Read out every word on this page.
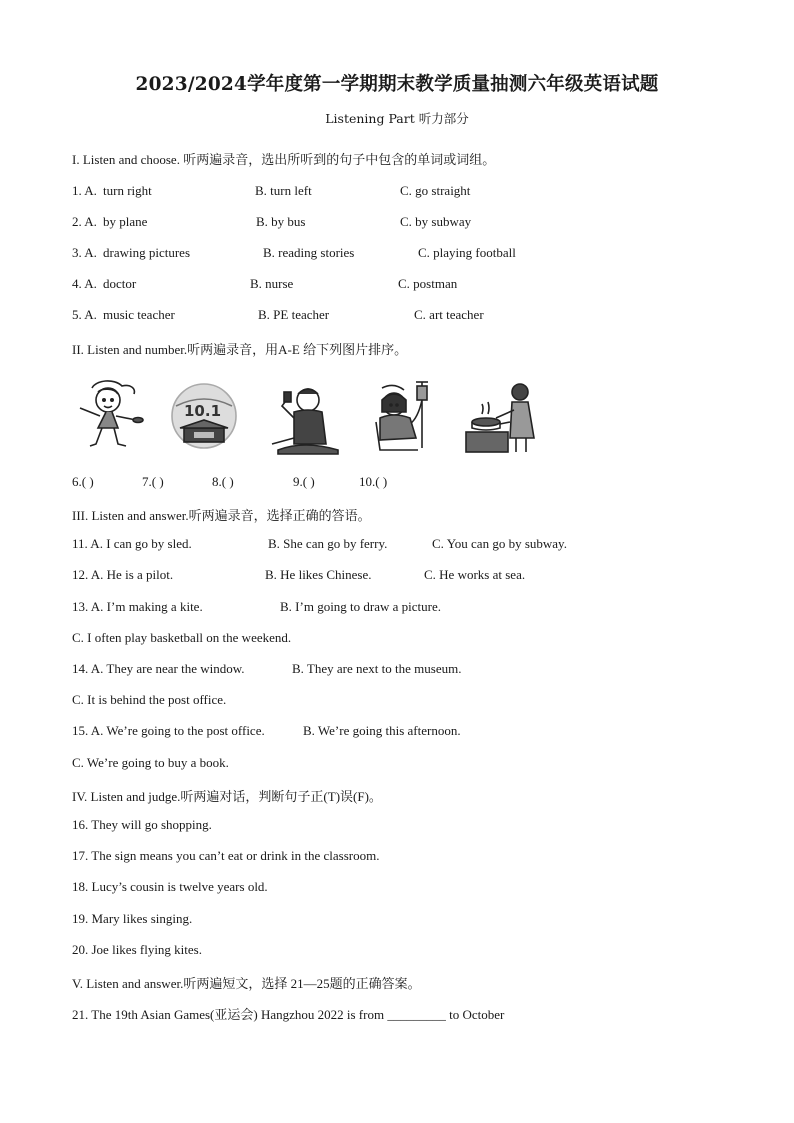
2023/2024学年度第一学期期末教学质量抽测六年级英语试题
Listening Part 听力部分
I. Listen and choose. 听两遍录音，选出所听到的句子中包含的单词或词组。
1. A. turn right	B. turn left	C. go straight
2. A. by plane	B. by bus	C. by subway
3. A. drawing pictures	B. reading stories	C. playing football
4. A. doctor	B. nurse	C. postman
5. A. music teacher	B. PE teacher	C. art teacher
II. Listen and number.听两遍录音，用A-E 给下列图片排序。
10.1
6.( )	7.( )	8.( )	9.( )	10.( )
III. Listen and answer.听两遍录音，选择正确的答语。
11. A. I can go by sled.	B. She can go by ferry.	C. You can go by subway.
12. A. He is a pilot.	B. He likes Chinese.	C. He works at sea.
13. A. I’m making a kite.	B. I’m going to draw a picture.
C. I often play basketball on the weekend.
14. A. They are near the window.	B. They are next to the museum.
C. It is behind the post office.
15. A. We’re going to the post office.	B. We’re going this afternoon.
C. We’re going to buy a book.
IV. Listen and judge.听两遍对话，判断句子正(T)误(F)。
16. They will go shopping.
17. The sign means you can’t eat or drink in the classroom.
18. Lucy’s cousin is twelve years old.
19. Mary likes singing.
20. Joe likes flying kites.
V. Listen and answer.听两遍短文，选择 21—25题的正确答案。
21. The 19th Asian Games(亚运会) Hangzhou 2022 is from _________ to October
